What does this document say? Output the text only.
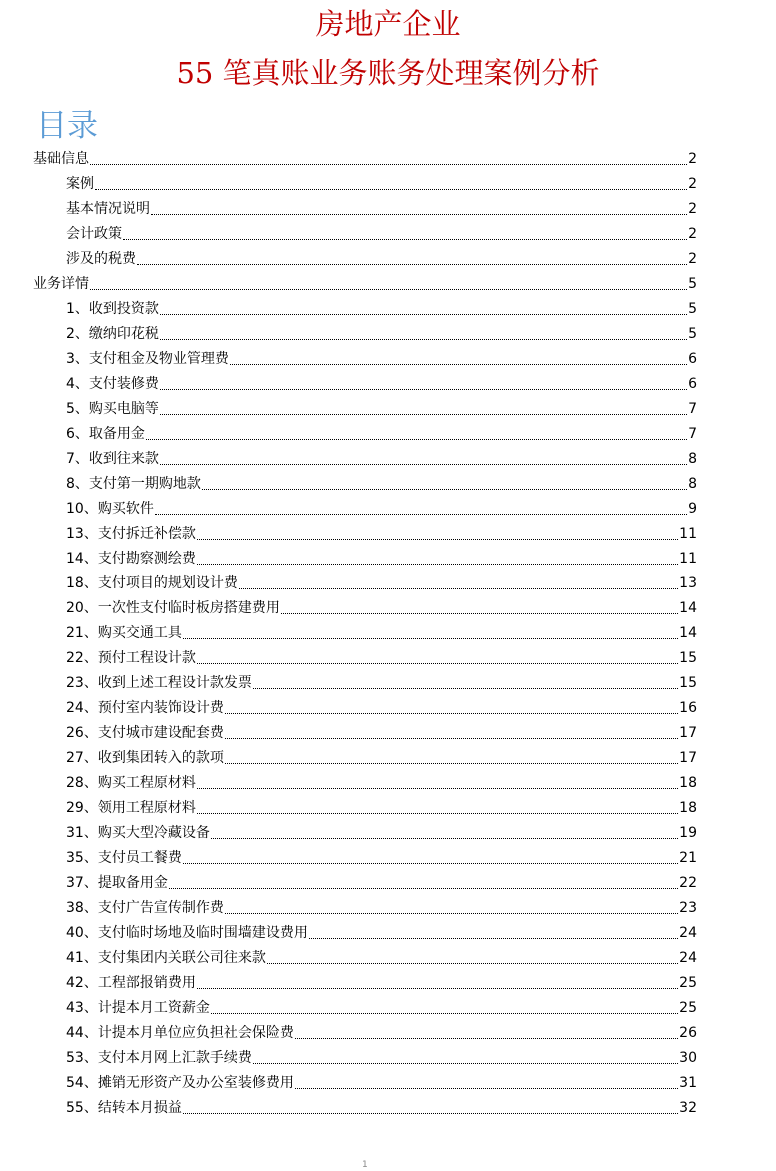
房地产企业
55 笔真账业务账务处理案例分析
目录
基础信息	2
案例	2
基本情况说明	2
会计政策	2
涉及的税费	2
业务详情	5
1、收到投资款	5
2、缴纳印花税	5
3、支付租金及物业管理费	6
4、支付装修费	6
5、购买电脑等	7
6、取备用金	7
7、收到往来款	8
8、支付第一期购地款	8
10、购买软件	9
13、支付拆迁补偿款	11
14、支付勘察测绘费	11
18、支付项目的规划设计费	13
20、一次性支付临时板房搭建费用	14
21、购买交通工具	14
22、预付工程设计款	15
23、收到上述工程设计款发票	15
24、预付室内装饰设计费	16
26、支付城市建设配套费	17
27、收到集团转入的款项	17
28、购买工程原材料	18
29、领用工程原材料	18
31、购买大型冷藏设备	19
35、支付员工餐费	21
37、提取备用金	22
38、支付广告宣传制作费	23
40、支付临时场地及临时围墙建设费用	24
41、支付集团内关联公司往来款	24
42、工程部报销费用	25
43、计提本月工资薪金	25
44、计提本月单位应负担社会保险费	26
53、支付本月网上汇款手续费	30
54、摊销无形资产及办公室装修费用	31
55、结转本月损益	32
1
